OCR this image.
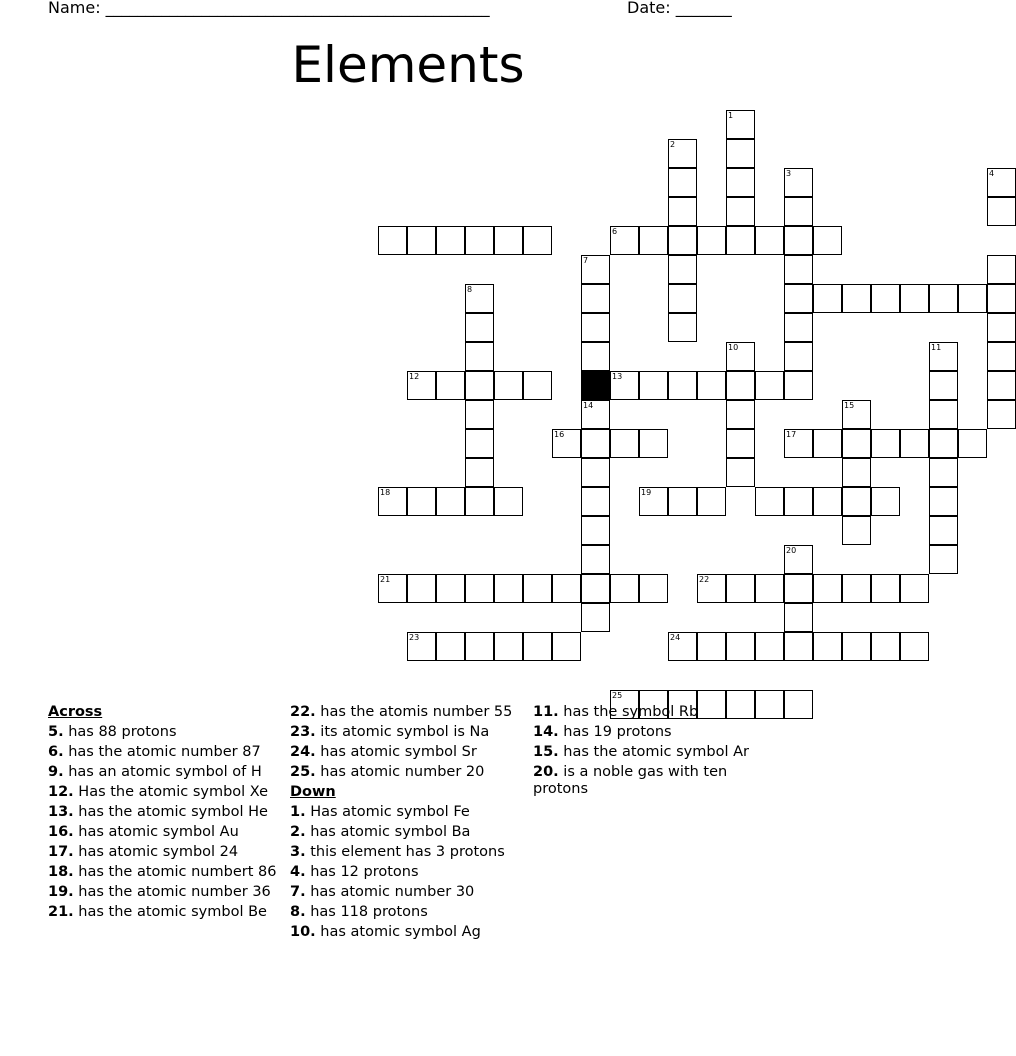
Name: ________________________________________________	Date: _______
Elements
6
2
1
3	4
7
8
10	11
12	13
14	15
16	17
18	19
20
21	22
23	24
25
Across
5. has 88 protons
6. has the atomic number 87
9. has an atomic symbol of H
12. Has the atomic symbol Xe
13. has the atomic symbol He
16. has atomic symbol Au
17. has atomic symbol 24
18. has the atomic numbert 86
19. has the atomic number 36
21. has the atomic symbol Be
22. has the atomis number 55
23. its atomic symbol is Na
24. has atomic symbol Sr
25. has atomic number 20
Down
1. Has atomic symbol Fe
2. has atomic symbol Ba
3. this element has 3 protons
4. has 12 protons
7. has atomic number 30
8. has 118 protons
10. has atomic symbol Ag
11. has the symbol Rb
14. has 19 protons
15. has the atomic symbol Ar
20. is a noble gas with ten protons
